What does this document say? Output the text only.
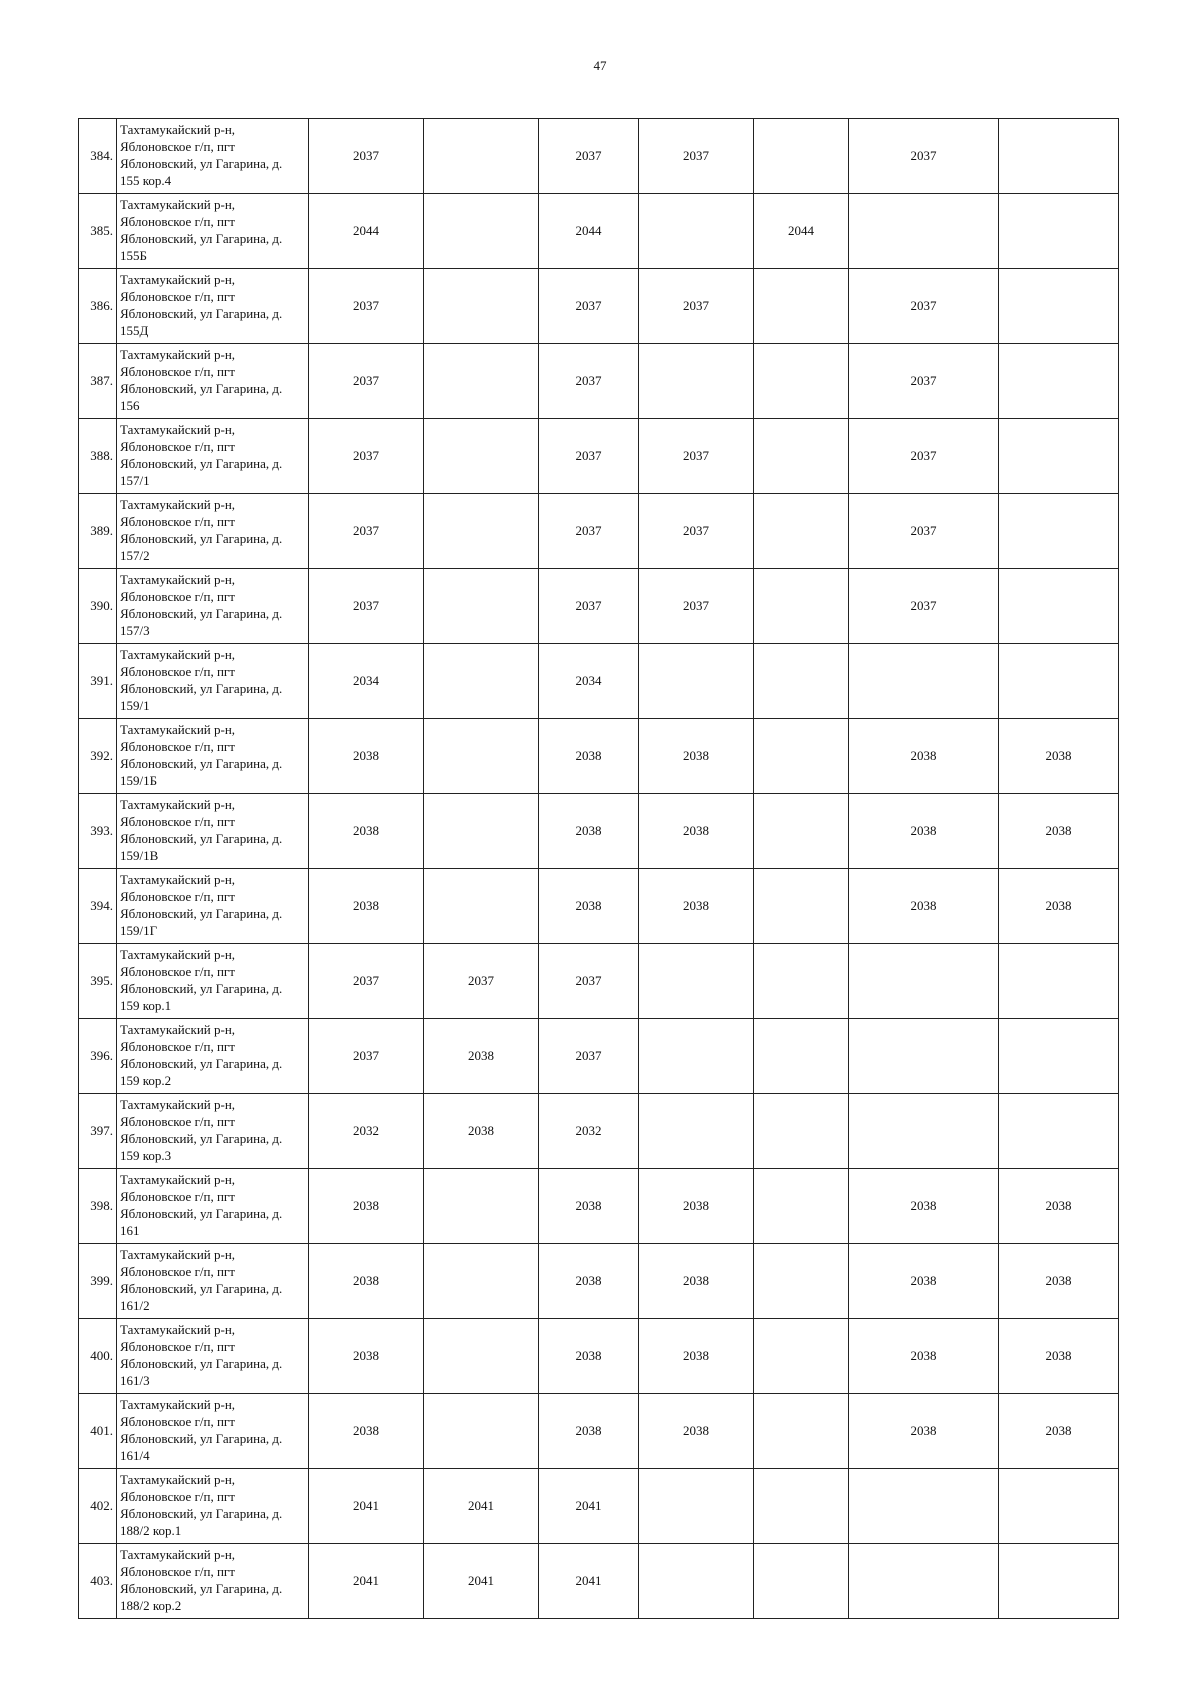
47
384.	Тахтамукайский р-н,
Яблоновское г/п, пгт
Яблоновский, ул Гагарина, д.
155 кор.4	2037		2037	2037		2037	
385.	Тахтамукайский р-н,
Яблоновское г/п, пгт
Яблоновский, ул Гагарина, д.
155Б	2044		2044		2044		
386.	Тахтамукайский р-н,
Яблоновское г/п, пгт
Яблоновский, ул Гагарина, д.
155Д	2037		2037	2037		2037	
387.	Тахтамукайский р-н,
Яблоновское г/п, пгт
Яблоновский, ул Гагарина, д.
156	2037		2037			2037	
388.	Тахтамукайский р-н,
Яблоновское г/п, пгт
Яблоновский, ул Гагарина, д.
157/1	2037		2037	2037		2037	
389.	Тахтамукайский р-н,
Яблоновское г/п, пгт
Яблоновский, ул Гагарина, д.
157/2	2037		2037	2037		2037	
390.	Тахтамукайский р-н,
Яблоновское г/п, пгт
Яблоновский, ул Гагарина, д.
157/3	2037		2037	2037		2037	
391.	Тахтамукайский р-н,
Яблоновское г/п, пгт
Яблоновский, ул Гагарина, д.
159/1	2034		2034				
392.	Тахтамукайский р-н,
Яблоновское г/п, пгт
Яблоновский, ул Гагарина, д.
159/1Б	2038		2038	2038		2038	2038
393.	Тахтамукайский р-н,
Яблоновское г/п, пгт
Яблоновский, ул Гагарина, д.
159/1В	2038		2038	2038		2038	2038
394.	Тахтамукайский р-н,
Яблоновское г/п, пгт
Яблоновский, ул Гагарина, д.
159/1Г	2038		2038	2038		2038	2038
395.	Тахтамукайский р-н,
Яблоновское г/п, пгт
Яблоновский, ул Гагарина, д.
159 кор.1	2037	2037	2037				
396.	Тахтамукайский р-н,
Яблоновское г/п, пгт
Яблоновский, ул Гагарина, д.
159 кор.2	2037	2038	2037				
397.	Тахтамукайский р-н,
Яблоновское г/п, пгт
Яблоновский, ул Гагарина, д.
159 кор.3	2032	2038	2032				
398.	Тахтамукайский р-н,
Яблоновское г/п, пгт
Яблоновский, ул Гагарина, д.
161	2038		2038	2038		2038	2038
399.	Тахтамукайский р-н,
Яблоновское г/п, пгт
Яблоновский, ул Гагарина, д.
161/2	2038		2038	2038		2038	2038
400.	Тахтамукайский р-н,
Яблоновское г/п, пгт
Яблоновский, ул Гагарина, д.
161/3	2038		2038	2038		2038	2038
401.	Тахтамукайский р-н,
Яблоновское г/п, пгт
Яблоновский, ул Гагарина, д.
161/4	2038		2038	2038		2038	2038
402.	Тахтамукайский р-н,
Яблоновское г/п, пгт
Яблоновский, ул Гагарина, д.
188/2 кор.1	2041	2041	2041				
403.	Тахтамукайский р-н,
Яблоновское г/п, пгт
Яблоновский, ул Гагарина, д.
188/2 кор.2	2041	2041	2041				
